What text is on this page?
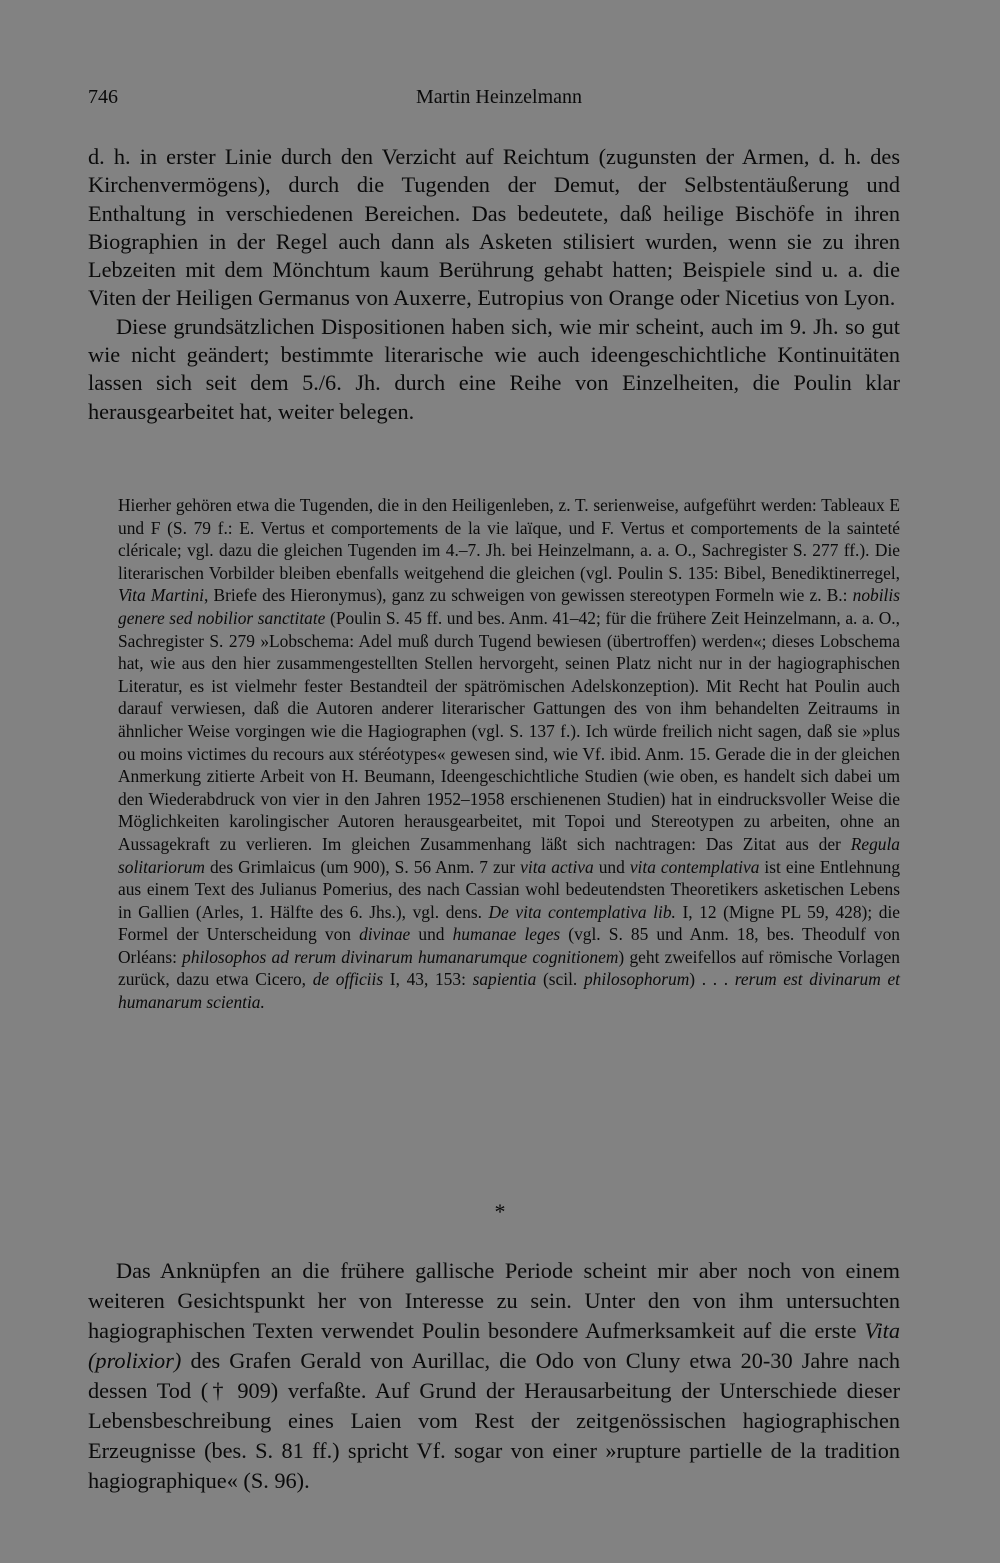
746	Martin Heinzelmann

d. h. in erster Linie durch den Verzicht auf Reichtum (zugunsten der Armen, d. h. des Kirchenvermögens), durch die Tugenden der Demut, der Selbstentäußerung und Enthaltung in verschiedenen Bereichen. Das bedeutete, daß heilige Bischöfe in ihren Biographien in der Regel auch dann als Asketen stilisiert wurden, wenn sie zu ihren Lebzeiten mit dem Mönchtum kaum Berührung gehabt hatten; Beispiele sind u. a. die Viten der Heiligen Germanus von Auxerre, Eutropius von Orange oder Nicetius von Lyon.

Diese grundsätzlichen Dispositionen haben sich, wie mir scheint, auch im 9. Jh. so gut wie nicht geändert; bestimmte literarische wie auch ideengeschichtliche Kontinuitäten lassen sich seit dem 5./6. Jh. durch eine Reihe von Einzelheiten, die Poulin klar herausgearbeitet hat, weiter belegen.

Hierher gehören etwa die Tugenden, die in den Heiligenleben, z. T. serienweise, aufgeführt werden: Tableaux E und F (S. 79 f.: E. Vertus et comportements de la vie laïque, und F. Vertus et comportements de la sainteté cléricale; vgl. dazu die gleichen Tugenden im 4.–7. Jh. bei Heinzelmann, a. a. O., Sachregister S. 277 ff.). Die literarischen Vorbilder bleiben ebenfalls weitgehend die gleichen (vgl. Poulin S. 135: Bibel, Benediktinerregel, Vita Martini, Briefe des Hieronymus), ganz zu schweigen von gewissen stereotypen Formeln wie z. B.: nobilis genere sed nobilior sanctitate (Poulin S. 45 ff. und bes. Anm. 41–42; für die frühere Zeit Heinzelmann, a. a. O., Sachregister S. 279 »Lobschema: Adel muß durch Tugend bewiesen (übertroffen) werden«; dieses Lobschema hat, wie aus den hier zusammengestellten Stellen hervorgeht, seinen Platz nicht nur in der hagiographischen Literatur, es ist vielmehr fester Bestandteil der spätrömischen Adelskonzeption). Mit Recht hat Poulin auch darauf verwiesen, daß die Autoren anderer literarischer Gattungen des von ihm behandelten Zeitraums in ähnlicher Weise vorgingen wie die Hagiographen (vgl. S. 137 f.). Ich würde freilich nicht sagen, daß sie »plus ou moins victimes du recours aux stéréotypes« gewesen sind, wie Vf. ibid. Anm. 15. Gerade die in der gleichen Anmerkung zitierte Arbeit von H. Beumann, Ideengeschichtliche Studien (wie oben, es handelt sich dabei um den Wiederabdruck von vier in den Jahren 1952–1958 erschienenen Studien) hat in eindrucksvoller Weise die Möglichkeiten karolingischer Autoren herausgearbeitet, mit Topoi und Stereotypen zu arbeiten, ohne an Aussagekraft zu verlieren. Im gleichen Zusammenhang läßt sich nachtragen: Das Zitat aus der Regula solitariorum des Grimlaicus (um 900), S. 56 Anm. 7 zur vita activa und vita contemplativa ist eine Entlehnung aus einem Text des Julianus Pomerius, des nach Cassian wohl bedeutendsten Theoretikers asketischen Lebens in Gallien (Arles, 1. Hälfte des 6. Jhs.), vgl. dens. De vita contemplativa lib. I, 12 (Migne PL 59, 428); die Formel der Unterscheidung von divinae und humanae leges (vgl. S. 85 und Anm. 18, bes. Theodulf von Orléans: philosophos ad rerum divinarum humanarumque cognitionem) geht zweifellos auf römische Vorlagen zurück, dazu etwa Cicero, de officiis I, 43, 153: sapientia (scil. philosophorum) . . . rerum est divinarum et humanarum scientia.

*

Das Anknüpfen an die frühere gallische Periode scheint mir aber noch von einem weiteren Gesichtspunkt her von Interesse zu sein. Unter den von ihm untersuchten hagiographischen Texten verwendet Poulin besondere Aufmerksamkeit auf die erste Vita (prolixior) des Grafen Gerald von Aurillac, die Odo von Cluny etwa 20-30 Jahre nach dessen Tod († 909) verfaßte. Auf Grund der Herausarbeitung der Unterschiede dieser Lebensbeschreibung eines Laien vom Rest der zeitgenössischen hagiographischen Erzeugnisse (bes. S. 81 ff.) spricht Vf. sogar von einer »rupture partielle de la tradition hagiographique« (S. 96).
